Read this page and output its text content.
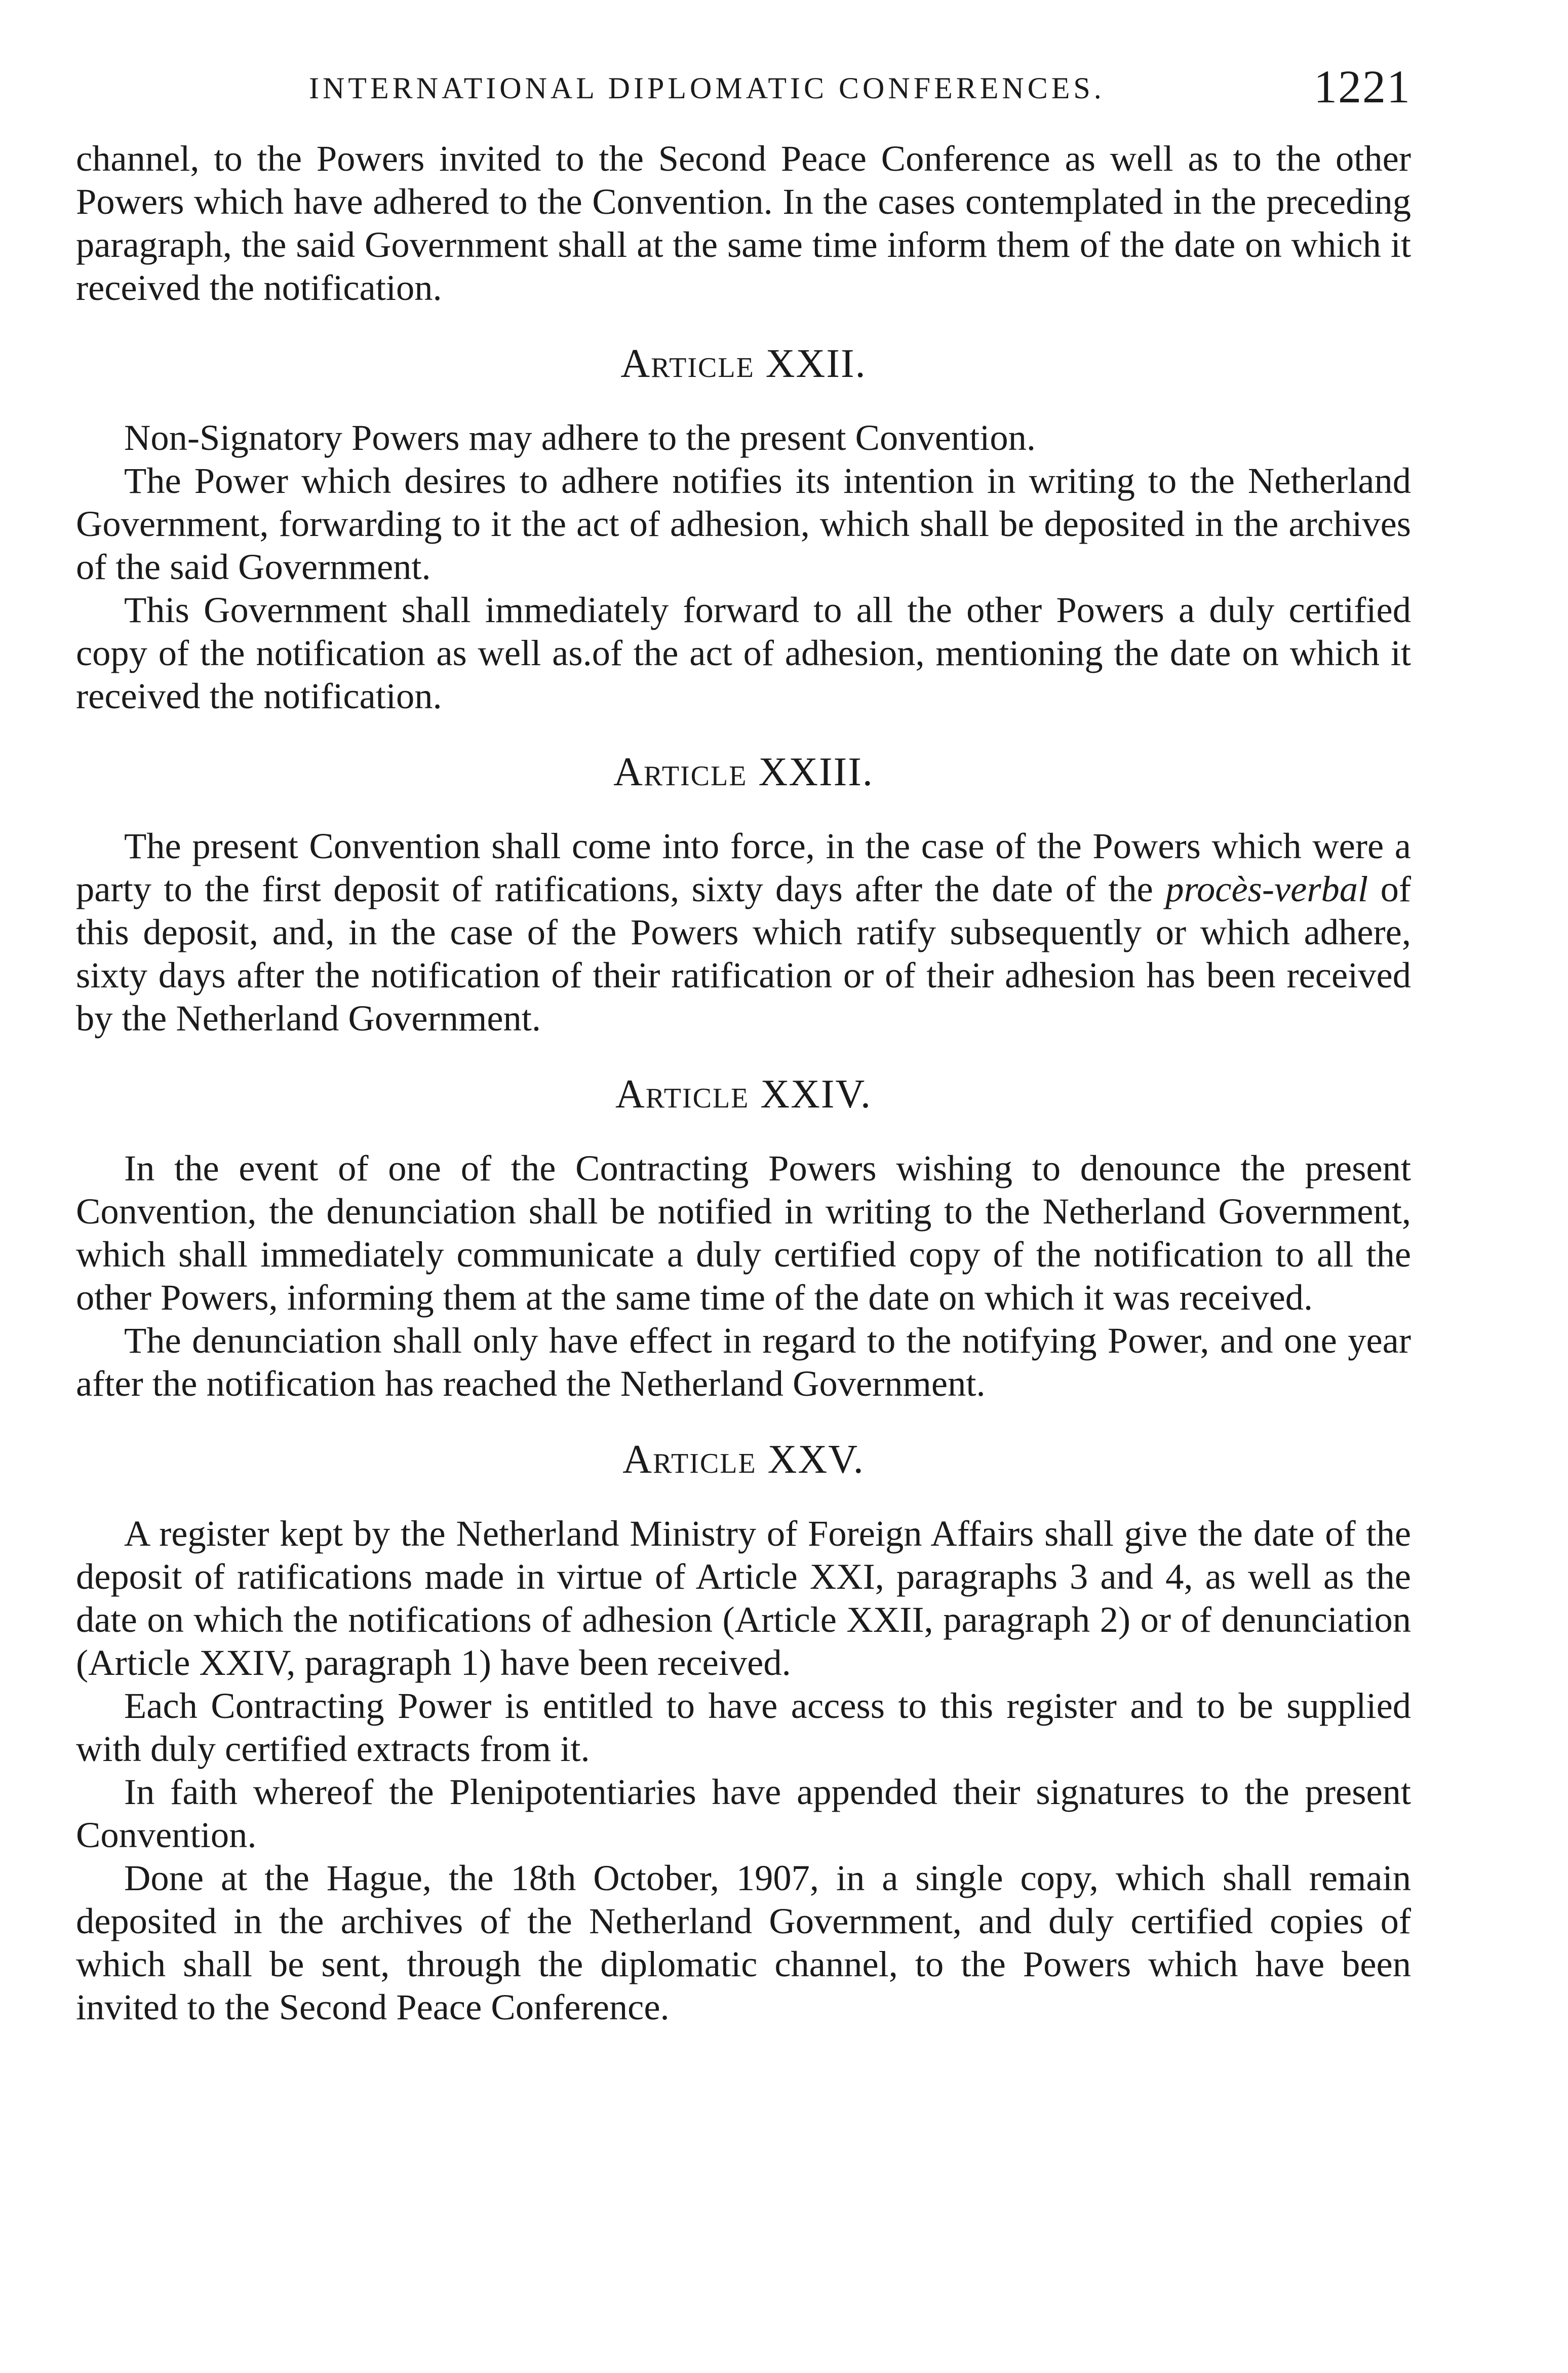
INTERNATIONAL DIPLOMATIC CONFERENCES.	1221

channel, to the Powers invited to the Second Peace Conference as well as to the other Powers which have adhered to the Convention. In the cases contemplated in the preceding paragraph, the said Government shall at the same time inform them of the date on which it received the notification.

Article XXII.

Non-Signatory Powers may adhere to the present Convention.

The Power which desires to adhere notifies its intention in writing to the Netherland Government, forwarding to it the act of adhesion, which shall be deposited in the archives of the said Government.

This Government shall immediately forward to all the other Powers a duly certified copy of the notification as well as.of the act of adhesion, mentioning the date on which it received the notification.

Article XXIII.

The present Convention shall come into force, in the case of the Powers which were a party to the first deposit of ratifications, sixty days after the date of the procès-verbal of this deposit, and, in the case of the Powers which ratify subsequently or which adhere, sixty days after the notification of their ratification or of their adhesion has been received by the Netherland Government.

Article XXIV.

In the event of one of the Contracting Powers wishing to denounce the present Convention, the denunciation shall be notified in writing to the Netherland Government, which shall immediately communicate a duly certified copy of the notification to all the other Powers, informing them at the same time of the date on which it was received.

The denunciation shall only have effect in regard to the notifying Power, and one year after the notification has reached the Netherland Government.

Article XXV.

A register kept by the Netherland Ministry of Foreign Affairs shall give the date of the deposit of ratifications made in virtue of Article XXI, paragraphs 3 and 4, as well as the date on which the notifications of adhesion (Article XXII, paragraph 2) or of denunciation (Article XXIV, paragraph 1) have been received.

Each Contracting Power is entitled to have access to this register and to be supplied with duly certified extracts from it.

In faith whereof the Plenipotentiaries have appended their signatures to the present Convention.

Done at the Hague, the 18th October, 1907, in a single copy, which shall remain deposited in the archives of the Netherland Government, and duly certified copies of which shall be sent, through the diplomatic channel, to the Powers which have been invited to the Second Peace Conference.
